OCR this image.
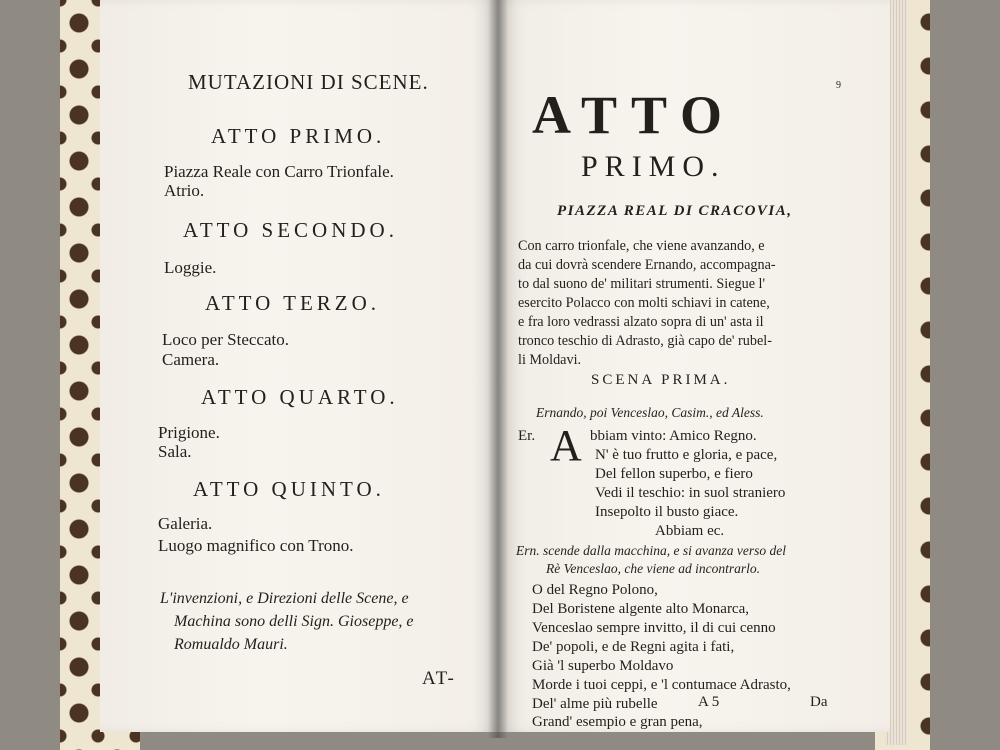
MUTAZIONI DI SCENE.
ATTO PRIMO.
Piazza Reale con Carro Trionfale.
Atrio.
ATTO SECONDO.
Loggie.
ATTO TERZO.
Loco per Steccato.
Camera.
ATTO QUARTO.
Prigione.
Sala.
ATTO QUINTO.
Galeria.
Luogo magnifico con Trono.
L'invenzioni, e Direzioni delle Scene, e
Machina sono delli Sign. Gioseppe, e
Romualdo Mauri.
AT-
9
ATTO
PRIMO.
PIAZZA REAL DI CRACOVIA,
Con carro trionfale, che viene avanzando, e
da cui dovrà scendere Ernando, accompagna-
to dal suono de' militari strumenti. Siegue l'
esercito Polacco con molti schiavi in catene,
e fra loro vedrassi alzato sopra di un' asta il
tronco teschio di Adrasto, già capo de' rubel-
li Moldavi.
SCENA PRIMA.
Ernando, poi Venceslao, Casim., ed Aless.
Er. A bbiam vinto: Amico Regno.
N' è tuo frutto e gloria, e pace,
Del fellon superbo, e fiero
Vedi il teschio: in suol straniero
Insepolto il busto giace.
Abbiam ec.
Ern. scende dalla macchina, e si avanza verso del
Rè Venceslao, che viene ad incontrarlo.
O del Regno Polono,
Del Boristene algente alto Monarca,
Venceslao sempre invitto, il di cui cenno
De' popoli, e de Regni agita i fati,
Già 'l superbo Moldavo
Morde i tuoi ceppi, e 'l contumace Adrasto,
Del' alme più rubelle
Grand' esempio e gran pena,
A 5	Da
